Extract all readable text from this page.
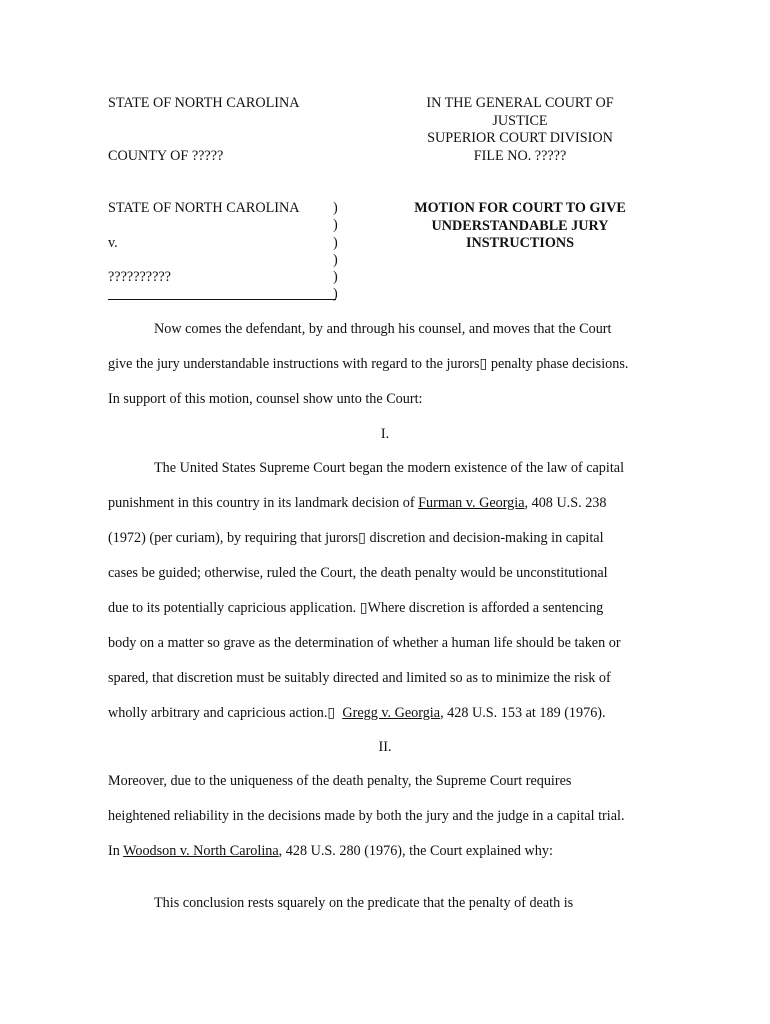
STATE OF NORTH CAROLINA
COUNTY OF ?????
IN THE GENERAL COURT OF
JUSTICE
SUPERIOR COURT DIVISION
FILE NO. ?????
STATE OF NORTH CAROLINA
v.
??????????
)
)
)
)
)
)
MOTION FOR COURT TO GIVE
UNDERSTANDABLE JURY
INSTRUCTIONS
Now comes the defendant, by and through his counsel, and moves that the Court
give the jury understandable instructions with regard to the jurors▯ penalty phase decisions.
In support of this motion, counsel show unto the Court:
I.
The United States Supreme Court began the modern existence of the law of capital
punishment in this country in its landmark decision of Furman v. Georgia, 408 U.S. 238
(1972) (per curiam), by requiring that jurors▯ discretion and decision-making in capital
cases be guided; otherwise, ruled the Court, the death penalty would be unconstitutional
due to its potentially capricious application. ▯Where discretion is afforded a sentencing
body on a matter so grave as the determination of whether a human life should be taken or
spared, that discretion must be suitably directed and limited so as to minimize the risk of
wholly arbitrary and capricious action.▯  Gregg v. Georgia, 428 U.S. 153 at 189 (1976).
II.
Moreover, due to the uniqueness of the death penalty, the Supreme Court requires
heightened reliability in the decisions made by both the jury and the judge in a capital trial.
In Woodson v. North Carolina, 428 U.S. 280 (1976), the Court explained why:
This conclusion rests squarely on the predicate that the penalty of death is
